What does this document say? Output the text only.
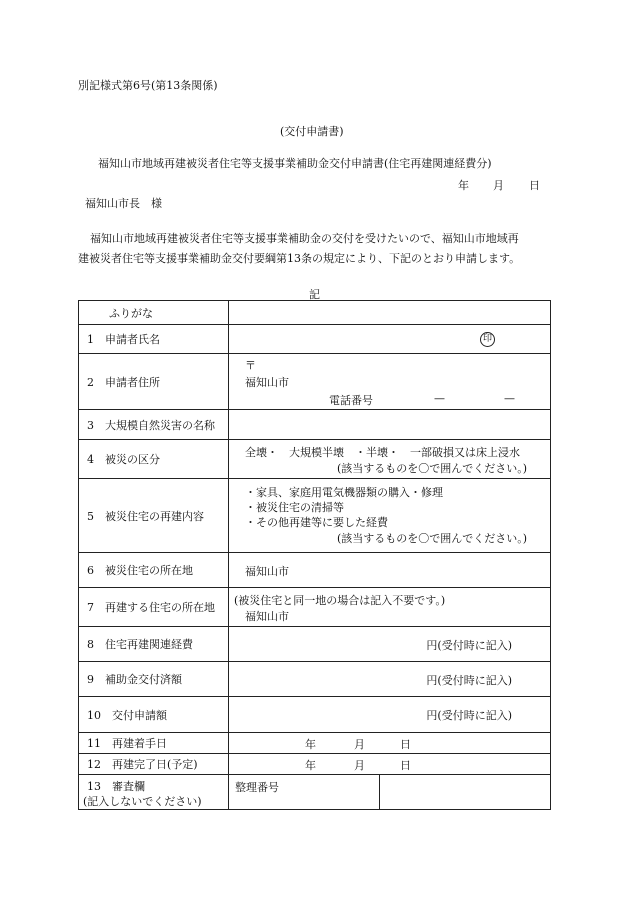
別記様式第6号(第13条関係)
(交付申請書)
福知山市地域再建被災者住宅等支援事業補助金交付申請書(住宅再建関連経費分)
年 月 日
福知山市長　様
福知山市地域再建被災者住宅等支援事業補助金の交付を受けたいので、福知山市地域再
建被災者住宅等支援事業補助金交付要綱第13条の規定により、下記のとおり申請します。
記
ふりがな	
1　申請者氏名	印

2　申請者住所	〒
福知山市
電話番号 — —

3　大規模自然災害の名称	
4　被災の区分	全壊・　大規模半壊　・半壊・　一部破損又は床上浸水
(該当するものを〇で囲んでください。)

5　被災住宅の再建内容	・家具、家庭用電気機器類の購入・修理
・被災住宅の清掃等
・その他再建等に要した経費
(該当するものを〇で囲んでください。)

6　被災住宅の所在地	福知山市

7　再建する住宅の所在地	(被災住宅と同一地の場合は記入不要です。)
福知山市

8　住宅再建関連経費	円(受付時に記入)

9　補助金交付済額	円(受付時に記入)

10　交付申請額	円(受付時に記入)

11　再建着手日	年 月 日

12　再建完了日(予定)	年 月 日

13　審査欄
(記入しないでください)	整理番号
